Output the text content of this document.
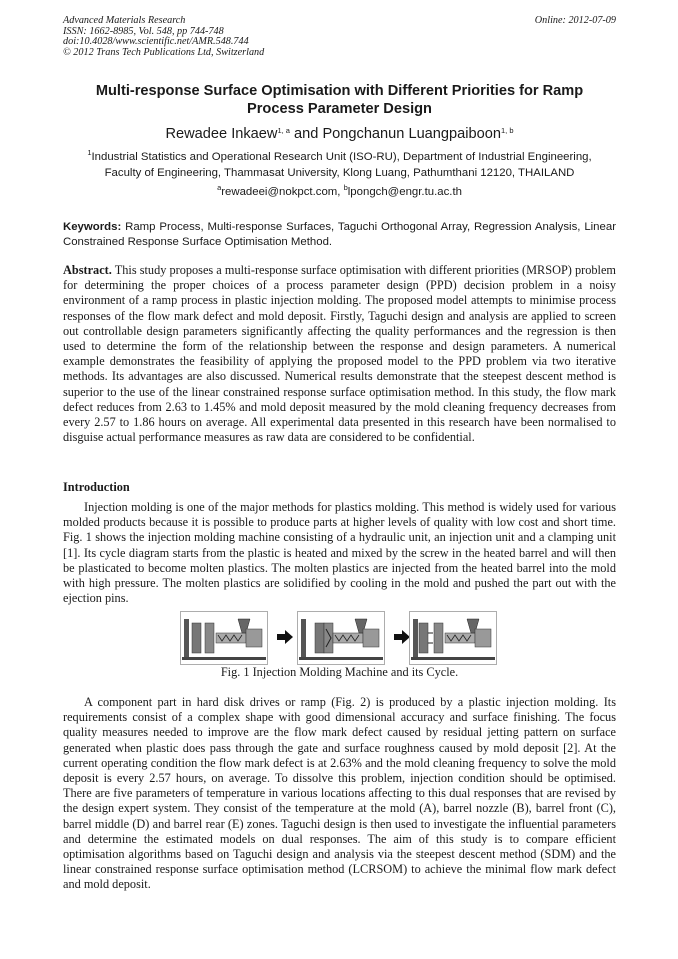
Advanced Materials Research
ISSN: 1662-8985, Vol. 548, pp 744-748
doi:10.4028/www.scientific.net/AMR.548.744
© 2012 Trans Tech Publications Ltd, Switzerland
Online: 2012-07-09
Multi-response Surface Optimisation with Different Priorities for Ramp
Process Parameter Design
Rewadee Inkaew$^{1, a}$ and Pongchanun Luangpaiboon$^{1, b}$
$^1$Industrial Statistics and Operational Research Unit (ISO-RU), Department of Industrial Engineering,
Faculty of Engineering, Thammasat University, Klong Luang, Pathumthani 12120, THAILAND
$^a$rewadeei@nokpct.com, $^b$lpongch@engr.tu.ac.th
Keywords: Ramp Process, Multi-response Surfaces, Taguchi Orthogonal Array, Regression Analysis, Linear Constrained Response Surface Optimisation Method.
Abstract. This study proposes a multi-response surface optimisation with different priorities (MRSOP) problem for determining the proper choices of a process parameter design (PPD) decision problem in a noisy environment of a ramp process in plastic injection molding. The proposed model attempts to minimise process responses of the flow mark defect and mold deposit. Firstly, Taguchi design and analysis are applied to screen out controllable design parameters significantly affecting the quality performances and the regression is then used to determine the form of the relationship between the response and design parameters. A numerical example demonstrates the feasibility of applying the proposed model to the PPD problem via two iterative methods. Its advantages are also discussed. Numerical results demonstrate that the steepest descent method is superior to the use of the linear constrained response surface optimisation method. In this study, the flow mark defect reduces from 2.63 to 1.45% and mold deposit measured by the mold cleaning frequency decreases from every 2.57 to 1.86 hours on average. All experimental data presented in this research have been normalised to disguise actual performance measures as raw data are considered to be confidential.
Introduction
Injection molding is one of the major methods for plastics molding. This method is widely used for various molded products because it is possible to produce parts at higher levels of quality with low cost and short time. Fig. 1 shows the injection molding machine consisting of a hydraulic unit, an injection unit and a clamping unit [1]. Its cycle diagram starts from the plastic is heated and mixed by the screw in the heated barrel and will then be plasticated to become molten plastics. The molten plastics are injected from the heated barrel into the mold with high pressure. The molten plastics are solidified by cooling in the mold and pushed the part out with the ejection pins.
Fig. 1 Injection Molding Machine and its Cycle.
A component part in hard disk drives or ramp (Fig. 2) is produced by a plastic injection molding. Its requirements consist of a complex shape with good dimensional accuracy and surface finishing. The focus quality measures needed to improve are the flow mark defect caused by residual jetting pattern on surface generated when plastic does pass through the gate and surface roughness caused by mold deposit [2]. At the current operating condition the flow mark defect is at 2.63% and the mold cleaning frequency to solve the mold deposit is every 2.57 hours, on average. To dissolve this problem, injection condition should be optimised. There are five parameters of temperature in various locations affecting to this dual responses that are revised by the design expert system. They consist of the temperature at the mold (A), barrel nozzle (B), barrel front (C), barrel middle (D) and barrel rear (E) zones. Taguchi design is then used to investigate the influential parameters and determine the estimated models on dual responses. The aim of this study is to compare efficient optimisation algorithms based on Taguchi design and analysis via the steepest descent method (SDM) and the linear constrained response surface optimisation method (LCRSOM) to achieve the minimal flow mark defect and mold deposit.
